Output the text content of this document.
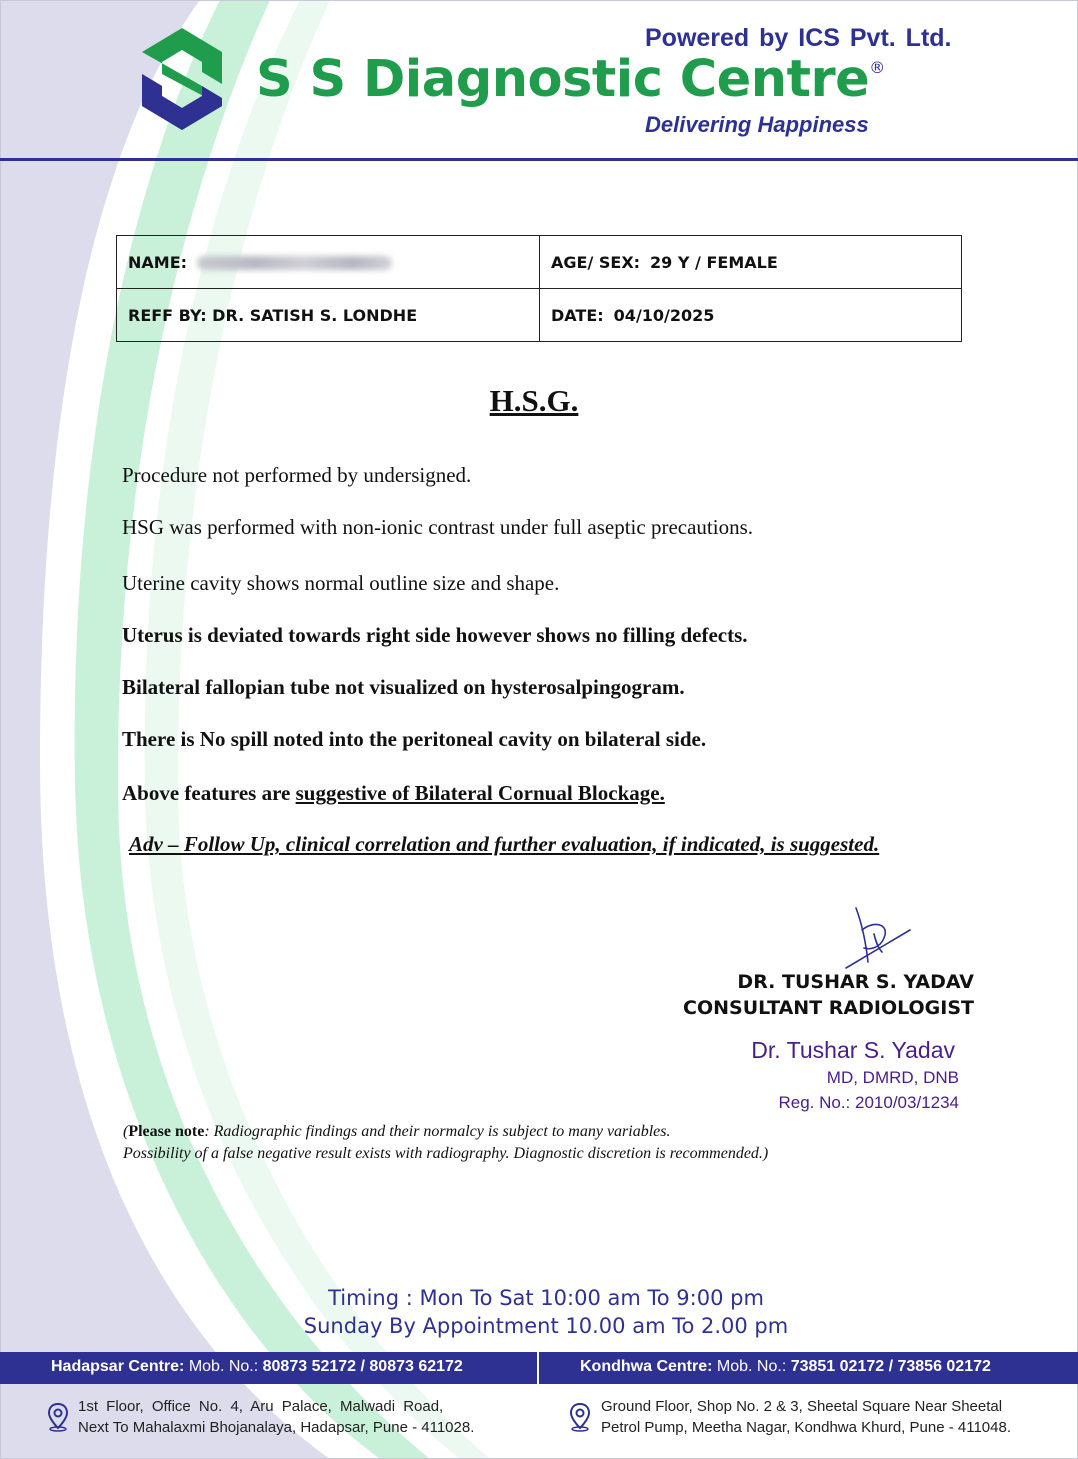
Powered by ICS Pvt. Ltd.
S S Diagnostic Centre®
Delivering Happiness
NAME:	AGE/ SEX: 29 Y / FEMALE
REFF BY: DR. SATISH S. LONDHE	DATE: 04/10/2025
H.S.G.
Procedure not performed by undersigned.
HSG was performed with non-ionic contrast under full aseptic precautions.
Uterine cavity shows normal outline size and shape.
Uterus is deviated towards right side however shows no filling defects.
Bilateral fallopian tube not visualized on hysterosalpingogram.
There is No spill noted into the peritoneal cavity on bilateral side.
Above features are suggestive of Bilateral Cornual Blockage.
Adv – Follow Up, clinical correlation and further evaluation, if indicated, is suggested.
DR. TUSHAR S. YADAV
CONSULTANT RADIOLOGIST
Dr. Tushar S. Yadav
MD, DMRD, DNB
Reg. No.: 2010/03/1234
(Please note: Radiographic findings and their normalcy is subject to many variables.
Possibility of a false negative result exists with radiography. Diagnostic discretion is recommended.)
Timing : Mon To Sat 10:00 am To 9:00 pm
Sunday By Appointment 10.00 am To 2.00 pm
Hadapsar Centre: Mob. No.: 80873 52172 / 80873 62172	Kondhwa Centre: Mob. No.: 73851 02172 / 73856 02172
1st Floor, Office No. 4, Aru Palace, Malwadi Road,
Next To Mahalaxmi Bhojanalaya, Hadapsar, Pune - 411028.
Ground Floor, Shop No. 2 & 3, Sheetal Square Near Sheetal
Petrol Pump, Meetha Nagar, Kondhwa Khurd, Pune - 411048.
